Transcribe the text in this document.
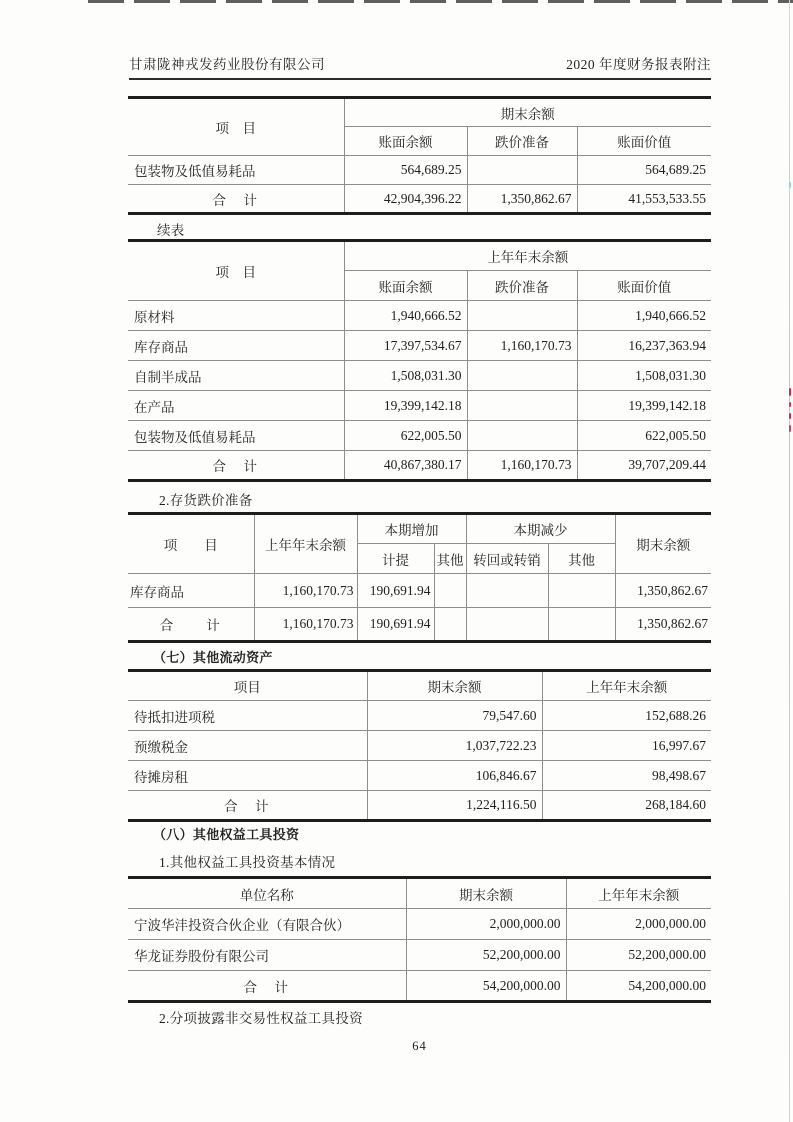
甘肃陇神戎发药业股份有限公司	2020 年度财务报表附注
项　目	期末余额		
	账面余额	跌价准备	账面价值
包装物及低值易耗品	564,689.25		564,689.25
合　计	42,904,396.22	1,350,862.67	41,553,533.55
续表
项　目	上年年末余额		
	账面余额	跌价准备	账面价值
原材料	1,940,666.52		1,940,666.52
库存商品	17,397,534.67	1,160,170.73	16,237,363.94
自制半成品	1,508,031.30		1,508,031.30
在产品	19,399,142.18		19,399,142.18
包装物及低值易耗品	622,005.50		622,005.50
合　计	40,867,380.17	1,160,170.73	39,707,209.44
2.存货跌价准备
项　　目	上年年末余额	本期增加		本期减少		期末余额
		计提	其他	转回或转销	其他	
库存商品	1,160,170.73	190,691.94				1,350,862.67
合　　计	1,160,170.73	190,691.94				1,350,862.67
（七）其他流动资产
项目	期末余额	上年年末余额
待抵扣进项税	79,547.60	152,688.26
预缴税金	1,037,722.23	16,997.67
待摊房租	106,846.67	98,498.67
合　计	1,224,116.50	268,184.60
（八）其他权益工具投资
1.其他权益工具投资基本情况
单位名称	期末余额	上年年末余额
宁波华沣投资合伙企业（有限合伙）	2,000,000.00	2,000,000.00
华龙证券股份有限公司	52,200,000.00	52,200,000.00
合　计	54,200,000.00	54,200,000.00
2.分项披露非交易性权益工具投资
64
